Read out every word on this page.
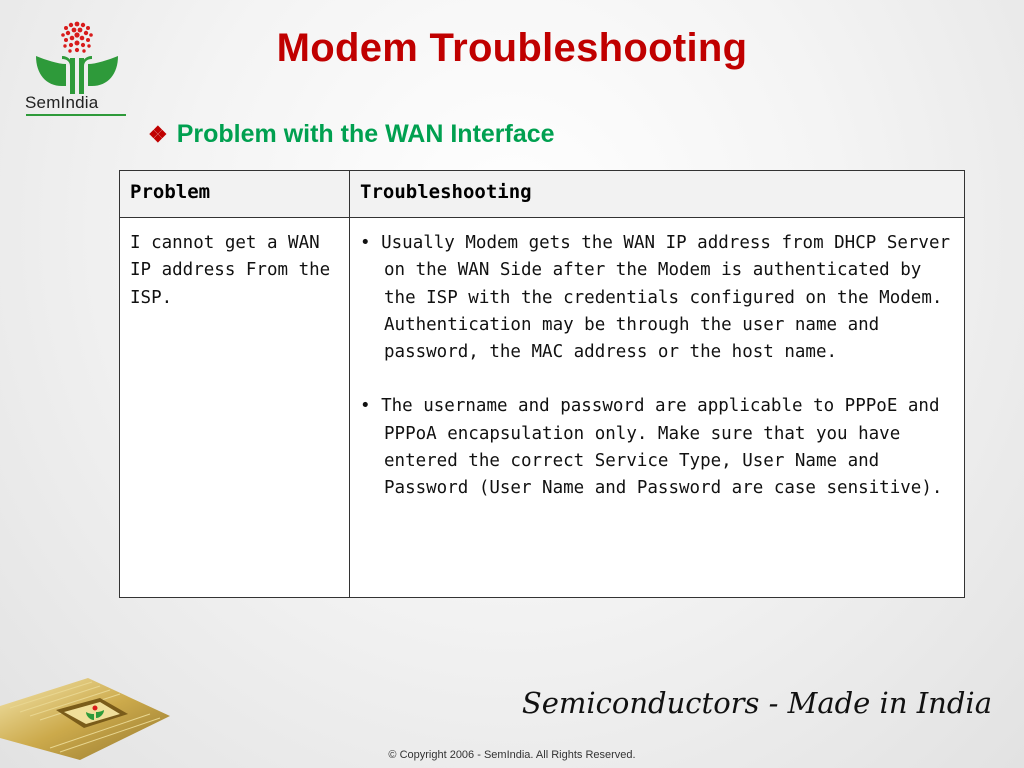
SemIndia
Modem Troubleshooting
❖ Problem with the WAN Interface
Problem	Troubleshooting
I cannot get a WAN IP address From the ISP.
• Usually Modem gets the WAN IP address from DHCP Server on the WAN Side after the Modem is authenticated by the ISP with the credentials configured on the Modem. Authentication may be through the user name and password, the MAC address or the host name.
• The username and password are applicable to PPPoE and PPPoA encapsulation only. Make sure that you have entered the correct Service Type, User Name and Password (User Name and Password are case sensitive).
Semiconductors - Made in India
© Copyright 2006 - SemIndia. All Rights Reserved.
